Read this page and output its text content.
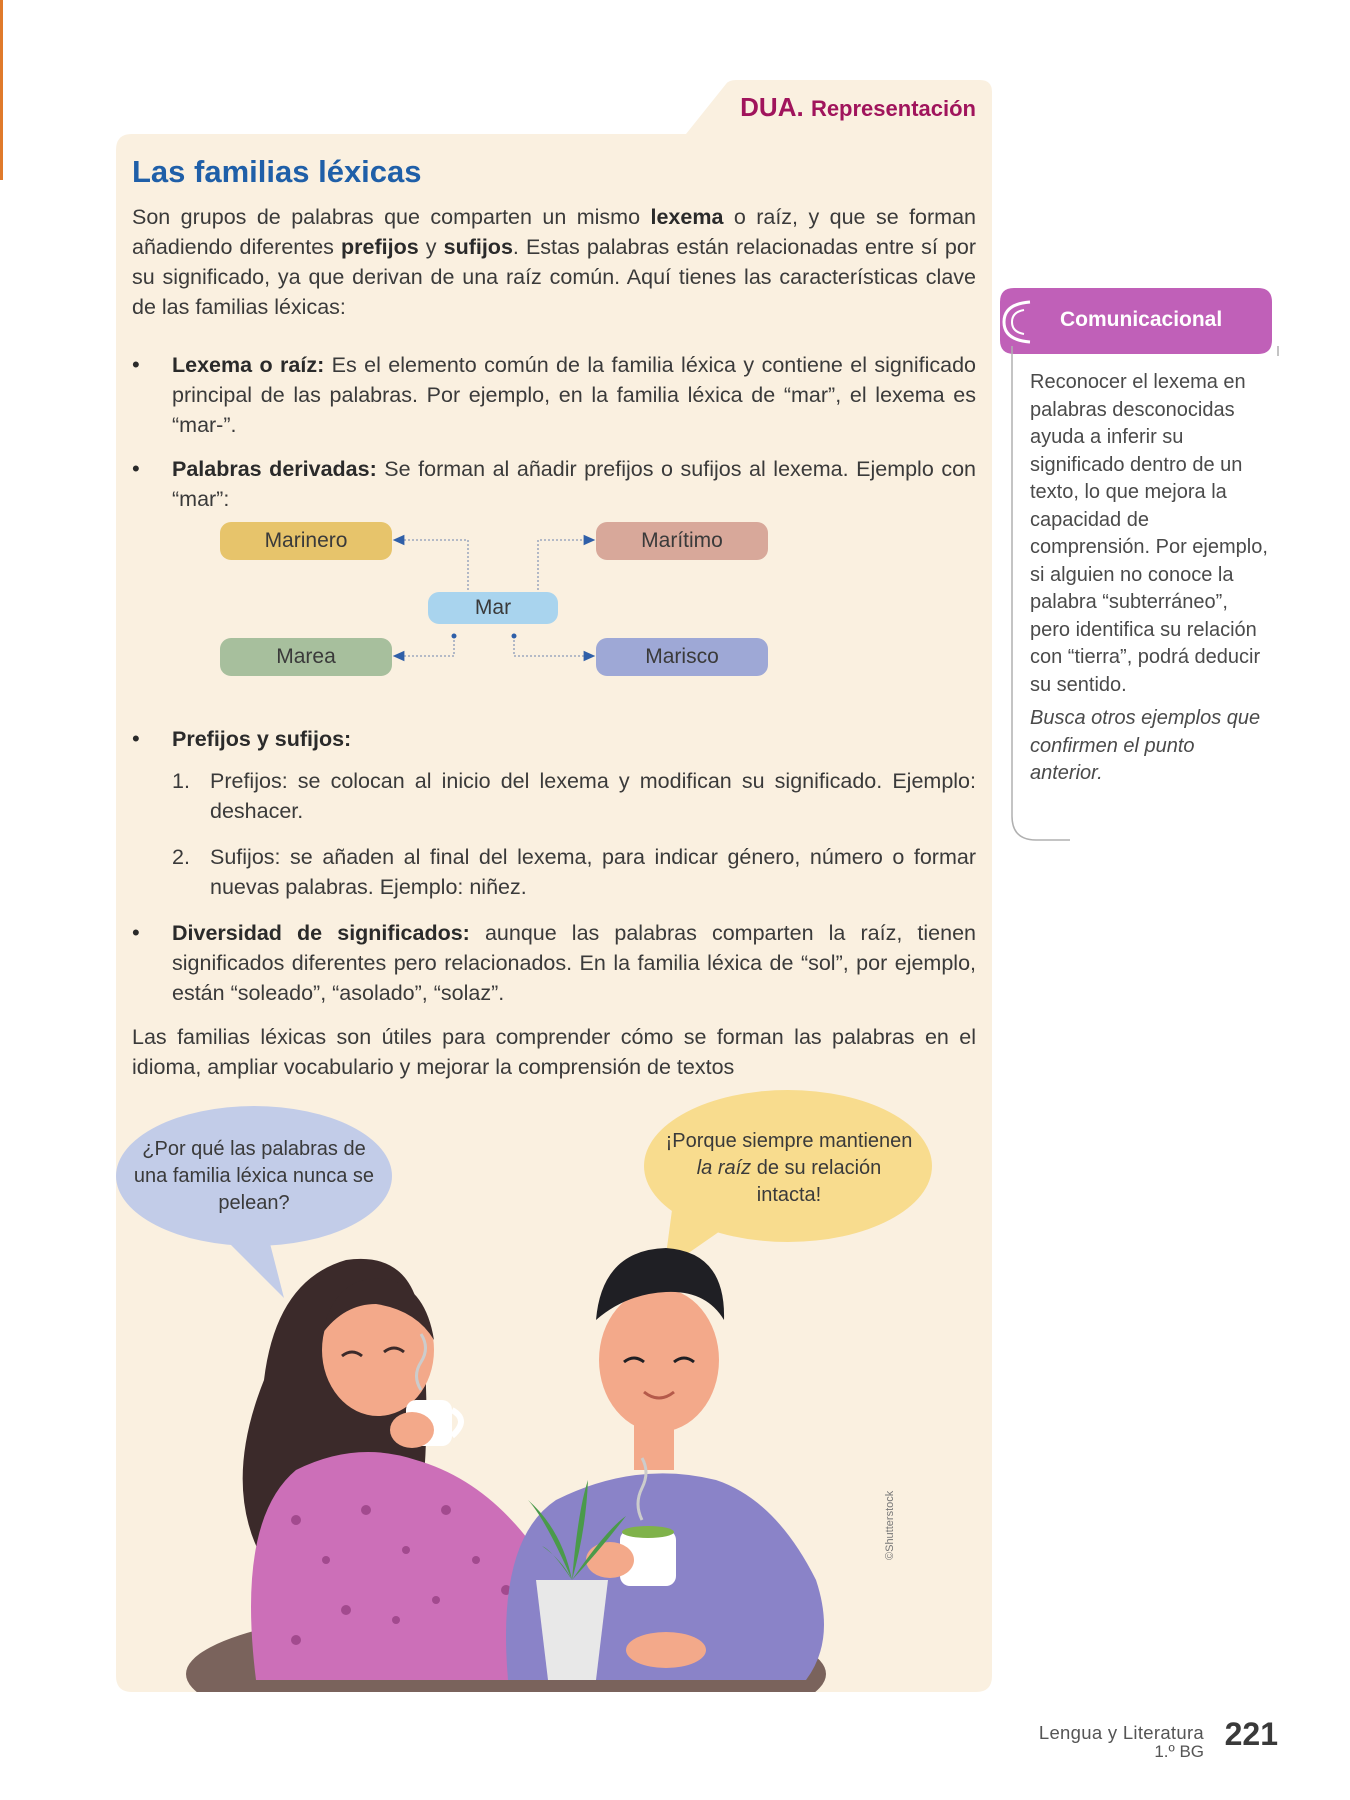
DUA. Representación
Las familias léxicas

Son grupos de palabras que comparten un mismo lexema o raíz, y que se forman añadiendo diferentes prefijos y sufijos. Estas palabras están relacionadas entre sí por su significado, ya que derivan de una raíz común. Aquí tienes las características clave de las familias léxicas:

• Lexema o raíz: Es el elemento común de la familia léxica y contiene el significado principal de las palabras. Por ejemplo, en la familia léxica de “mar”, el lexema es “mar-”.
• Palabras derivadas: Se forman al añadir prefijos o sufijos al lexema. Ejemplo con “mar”:
Marinero	Marítimo
Mar
Marea	Marisco
• Prefijos y sufijos:
1. Prefijos: se colocan al inicio del lexema y modifican su significado. Ejemplo: deshacer.
2. Sufijos: se añaden al final del lexema, para indicar género, número o formar nuevas palabras. Ejemplo: niñez.
• Diversidad de significados: aunque las palabras comparten la raíz, tienen significados diferentes pero relacionados. En la familia léxica de “sol”, por ejemplo, están “soleado”, “asolado”, “solaz”.

Las familias léxicas son útiles para comprender cómo se forman las palabras en el idioma, ampliar vocabulario y mejorar la comprensión de textos

¿Por qué las palabras de una familia léxica nunca se pelean?
¡Porque siempre mantienen la raíz de su relación intacta!
©Shutterstock
Comunicacional
Reconocer el lexema en palabras desconocidas ayuda a inferir su significado dentro de un texto, lo que mejora la capacidad de comprensión. Por ejemplo, si alguien no conoce la palabra “subterráneo”, pero identifica su relación con “tierra”, podrá deducir su sentido.
Busca otros ejemplos que confirmen el punto anterior.
Lengua y Literatura
1.º BG 221
